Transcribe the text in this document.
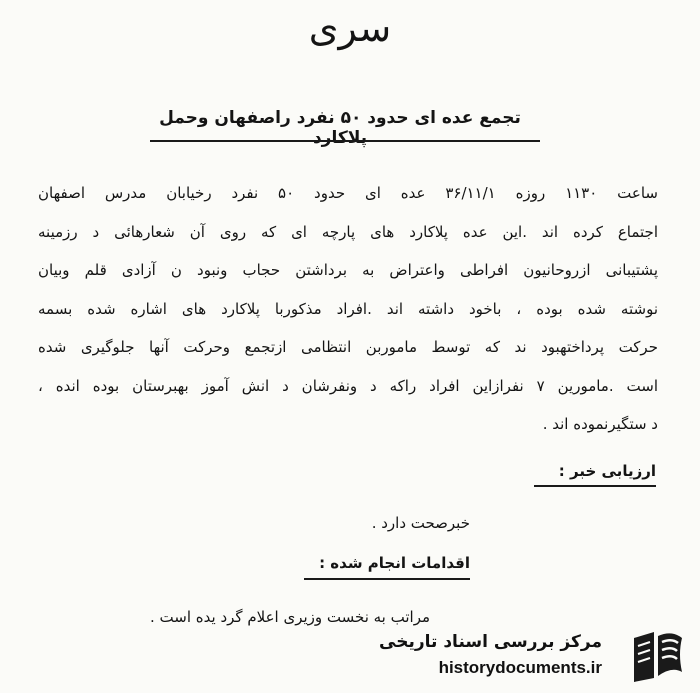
سری
تجمع عده ای حدود ۵۰ نفرد راصفهان وحمل پلاکارد
ساعت ۱۱۳۰ روزه ۳۶/۱۱/۱ عده ای حدود ۵۰ نفرد رخیابان مدرس اصفهان
اجتماع کرده اند .این عده پلاکارد های پارچه ای که روی آن شعارهائی د رزمینه
پشتیبانی ازروحانیون افراطی واعتراض به برداشتن حجاب ونبود ن آزادی قلم وبیان
نوشته شده بوده ، باخود داشته اند .افراد مذکوربا پلاکارد های اشاره شده بسمه
حرکت پرداختهبود ند که توسط ماموربن انتظامی ازتجمع وحرکت آنها جلوگیری شده
است .مامورین ۷ نفرازاین افراد راکه د ونفرشان د انش آموز بهبرستان بوده انده ،
د ستگیرنموده اند .
ارزیابی خبر :
خبرصحت دارد .
اقدامات انجام شده :
مراتب به نخست وزیری اعلام گرد یده است .
مرکز بررسی اسناد تاریخی
historydocuments.ir
